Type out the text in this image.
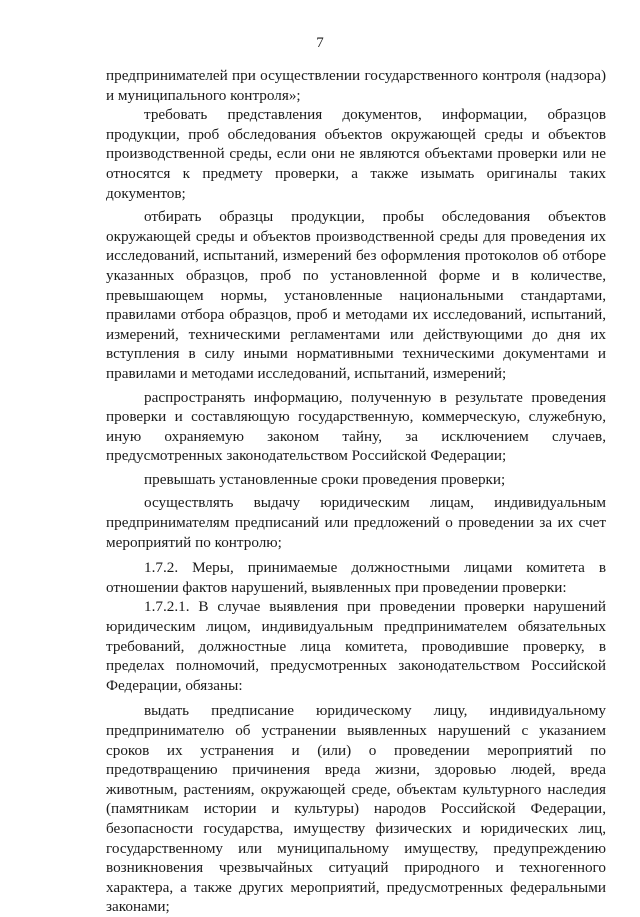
7

предпринимателей при осуществлении государственного контроля (надзора) и муниципального контроля»;

требовать представления документов, информации, образцов продукции, проб обследования объектов окружающей среды и объектов производственной среды, если они не являются объектами проверки или не относятся к предмету проверки, а также изымать оригиналы таких документов;

отбирать образцы продукции, пробы обследования объектов окружающей среды и объектов производственной среды для проведения их исследований, испытаний, измерений без оформления протоколов об отборе указанных образцов, проб по установленной форме и в количестве, превышающем нормы, установленные национальными стандартами, правилами отбора образцов, проб и методами их исследований, испытаний, измерений, техническими регламентами или действующими до дня их вступления в силу иными нормативными техническими документами и правилами и методами исследований, испытаний, измерений;

распространять информацию, полученную в результате проведения проверки и составляющую государственную, коммерческую, служебную, иную охраняемую законом тайну, за исключением случаев, предусмотренных законодательством Российской Федерации;

превышать установленные сроки проведения проверки;

осуществлять выдачу юридическим лицам, индивидуальным предпринимателям предписаний или предложений о проведении за их счет мероприятий по контролю;

1.7.2. Меры, принимаемые должностными лицами комитета в отношении фактов нарушений, выявленных при проведении проверки:

1.7.2.1. В случае выявления при проведении проверки нарушений юридическим лицом, индивидуальным предпринимателем обязательных требований, должностные лица комитета, проводившие проверку, в пределах полномочий, предусмотренных законодательством Российской Федерации, обязаны:

выдать предписание юридическому лицу, индивидуальному предпринимателю об устранении выявленных нарушений с указанием сроков их устранения и (или) о проведении мероприятий по предотвращению причинения вреда жизни, здоровью людей, вреда животным, растениям, окружающей среде, объектам культурного наследия (памятникам истории и культуры) народов Российской Федерации, безопасности государства, имуществу физических и юридических лиц, государственному или муниципальному имуществу, предупреждению возникновения чрезвычайных ситуаций природного и техногенного характера, а также других мероприятий, предусмотренных федеральными законами;
